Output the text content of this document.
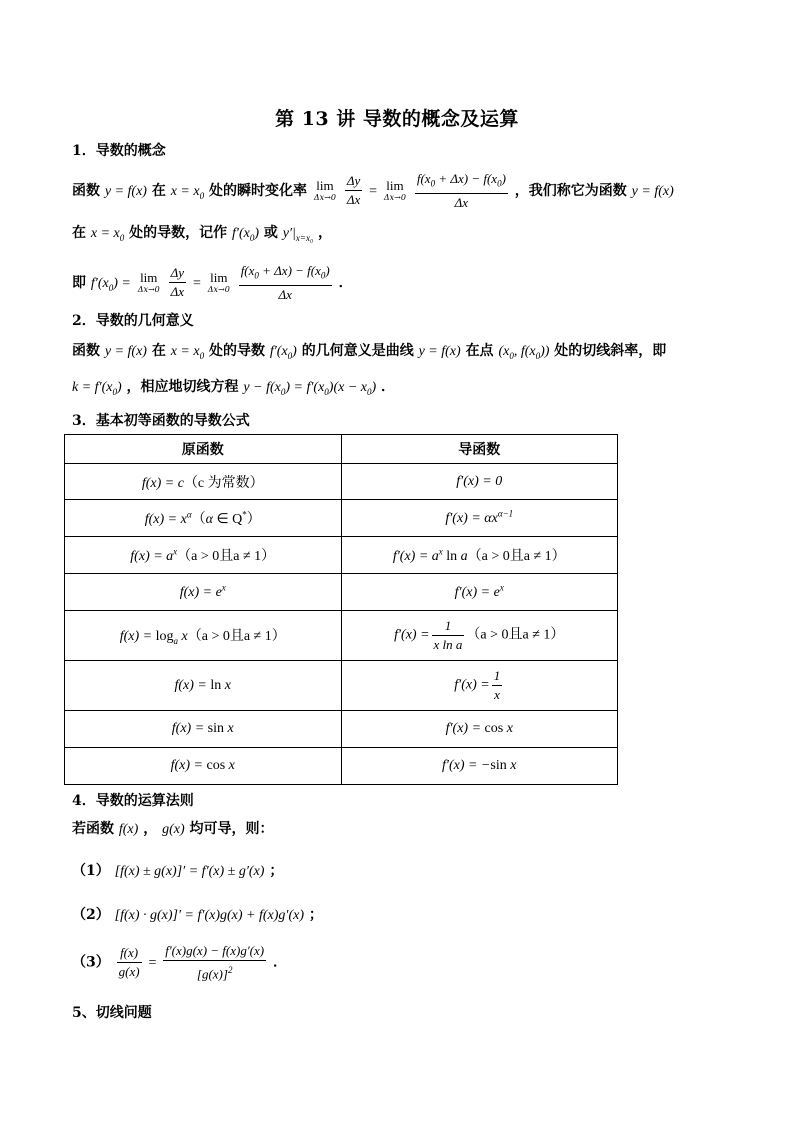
第 13 讲 导数的概念及运算
1．导数的概念
函数 y = f(x) 在 $x = x_0$ 处的瞬时变化率 lim
Δx→0
$\frac{\Delta y}{\Delta x} = \lim$
Δx→0
$\frac{f(x_0 + \Delta x) - f(x_0)}{\Delta x}$ ，我们称它为函数 y = f(x)
在 $x = x_0$ 处的导数，记作 $f'(x_0)$ 或 $y'|_{x=x_0}$ ，
即 $f'(x_0) = \lim$
Δx→0
$\frac{\Delta y}{\Delta x} = \lim$
Δx→0
$\frac{f(x_0 + \Delta x) - f(x_0)}{\Delta x}$ ．
2．导数的几何意义
函数 y = f(x) 在 $x = x_0$ 处的导数 $f'(x_0)$ 的几何意义是曲线 y = f(x) 在点 ($x_0$, $f(x_0)$) 处的切线斜率，即
$k = f'(x_0)$ ，相应地切线方程 $y - f(x_0) = f'(x_0)(x - x_0)$ ．
3．基本初等函数的导数公式
原函数	导函数
f(x) = c（c 为常数）	f′(x) = 0
$f(x) = x^\alpha(\alpha$ ∈ Q*）	$f'(x) = \alpha x^{\alpha-1}$
$f(x) = a^x(a > 0$且a ≠ 1）	$f'(x) = a^x$ ln a（a > 0且a ≠ 1）
$f(x) = e^x$	$f'(x) = e^x$
$f(x) = \log_a x(a > 0$且a ≠ 1）	$f'(x) = \frac{1}{\text{x ln a}} (a > 0$且a ≠ 1）
f(x) = ln x	$f'(x) = \frac{1}{x}$

f(x) = sin x	f′(x) = cos x
f(x) = cos x	f′(x) = −sin x
4．导数的运算法则
若函数 f(x) ， g(x) 均可导，则：
（1） [f(x) ± g(x)]′ = f′(x) ± g′(x) ；
（2） [f(x) · g(x)]′ = f′(x)g(x) + f(x)g′(x) ；
$(3) \frac{f(x)}{g(x)} = \frac{f'(x)g(x) - f(x)g'(x)}{[g(x)]^2}$ ．
5、切线问题
